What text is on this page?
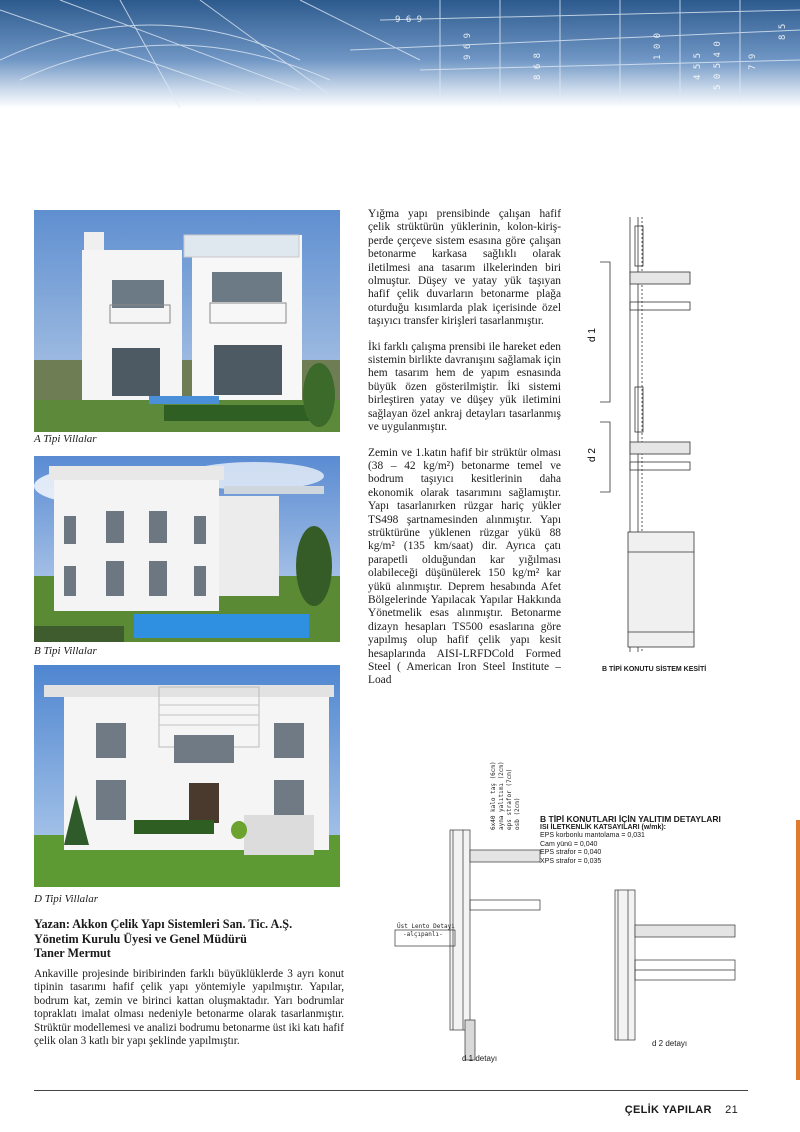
9 6 9
9 6 9
8 6 8
1 0 0
4 5 5 5 0 5 4 0	7 9
8 5
A Tipi Villalar
B Tipi Villalar
D Tipi Villalar

Yığma yapı prensibinde çalışan hafif çelik strüktürün yüklerinin, kolon-kiriş-perde çerçeve sistem esasına göre çalışan betonarme karkasa sağlıklı olarak iletilmesi ana tasarım ilkelerinden biri olmuştur. Düşey ve yatay yük taşıyan hafif çelik duvarların betonarme plağa oturduğu kısımlarda plak içerisinde özel taşıyıcı transfer kirişleri tasarlanmıştır.

İki farklı çalışma prensibi ile hareket eden sistemin birlikte davranışını sağlamak için hem tasarım hem de yapım esnasında büyük özen gösterilmiştir. İki sistemi birleştiren yatay ve düşey yük iletimini sağlayan özel ankraj detayları tasarlanmış ve uygulanmıştır.

Zemin ve 1.katın hafif bir strüktür olması (38 – 42 kg/m²) betonarme temel ve bodrum taşıyıcı kesitlerinin daha ekonomik olarak tasarımını sağlamıştır. Yapı tasarlanırken rüzgar hariç yükler TS498 şartnamesinden alınmıştır. Yapı strüktürüne yüklenen rüzgar yükü 88 kg/m² (135 km/saat) dir. Ayrıca çatı parapetli olduğundan kar yığılması olabileceği düşünülerek 150 kg/m² kar yükü alınmıştır. Deprem hesabında Afet Bölgelerinde Yapılacak Yapılar Hakkında Yönetmelik esas alınmıştır. Betonarme dizayn hesapları TS500 esaslarına göre yapılmış olup hafif çelik yapı kesit hesaplarında AISI-LRFDCold Formed Steel ( American Iron Steel Institute – Load

d 1
d 2
B TİPİ KONUTU SİSTEM KESİTİ
B TİPİ KONUTLARI İÇİN YALITIM DETAYLARI
ISI İLETKENLİK KATSAYILARI (w/mk):
EPS korbonlu mantolama = 0,031
Cam yünü = 0,040
EPS strafor = 0,040
XPS strafor = 0,035
6x40 kalo taş (6cm) ayna yalıtımı (2cm) eps strafor (7cm) osb (2cm)
Üst Lento Detayı
-alçıpanlı-
d 1 detayı
d 2 detayı
Yazan: Akkon Çelik Yapı Sistemleri San. Tic. A.Ş.
Yönetim Kurulu Üyesi ve Genel Müdürü
Taner Mermut
Ankaville projesinde biribirinden farklı büyüklüklerde 3 ayrı konut tipinin tasarımı hafif çelik yapı yöntemiyle yapılmıştır. Yapılar, bodrum kat, zemin ve birinci kattan oluşmaktadır. Yarı bodrumlar topraklatı imalat olması nedeniyle betonarme olarak tasarlanmıştır. Strüktür modellemesi ve analizi bodrumu betonarme üst iki katı hafif çelik olan 3 katlı bir yapı şeklinde yapılmıştır.
ÇELİK YAPILAR 21
